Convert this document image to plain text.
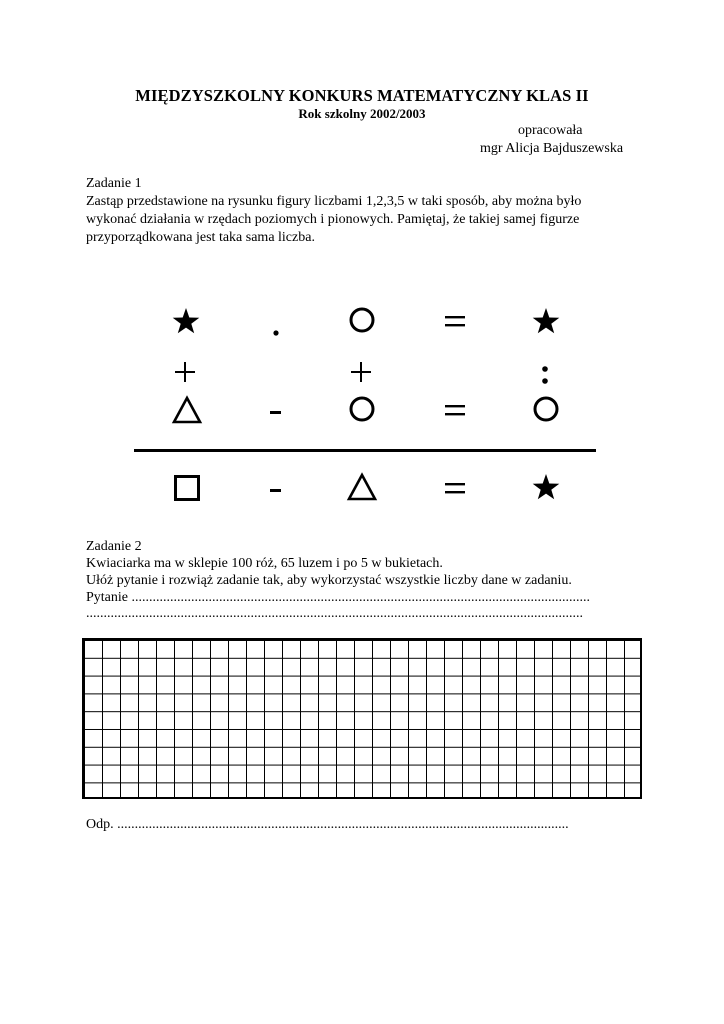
MIĘDZYSZKOLNY KONKURS MATEMATYCZNY KLAS II
Rok szkolny 2002/2003
opracowała
mgr Alicja Bajduszewska
Zadanie 1
Zastąp przedstawione na rysunku figury liczbami 1,2,3,5 w taki sposób, aby można było
wykonać działania w rzędach poziomych i pionowych. Pamiętaj, że takiej samej figurze
przyporządkowana jest taka sama liczba.
Zadanie 2
Kwiaciarka ma w sklepie 100 róż, 65 luzem i po 5 w bukietach.
Ułóż pytanie i rozwiąż zadanie tak, aby wykorzystać wszystkie liczby dane w zadaniu.
Pytanie ...................................................................................................................................
..............................................................................................................................................
Odp. .................................................................................................................................
